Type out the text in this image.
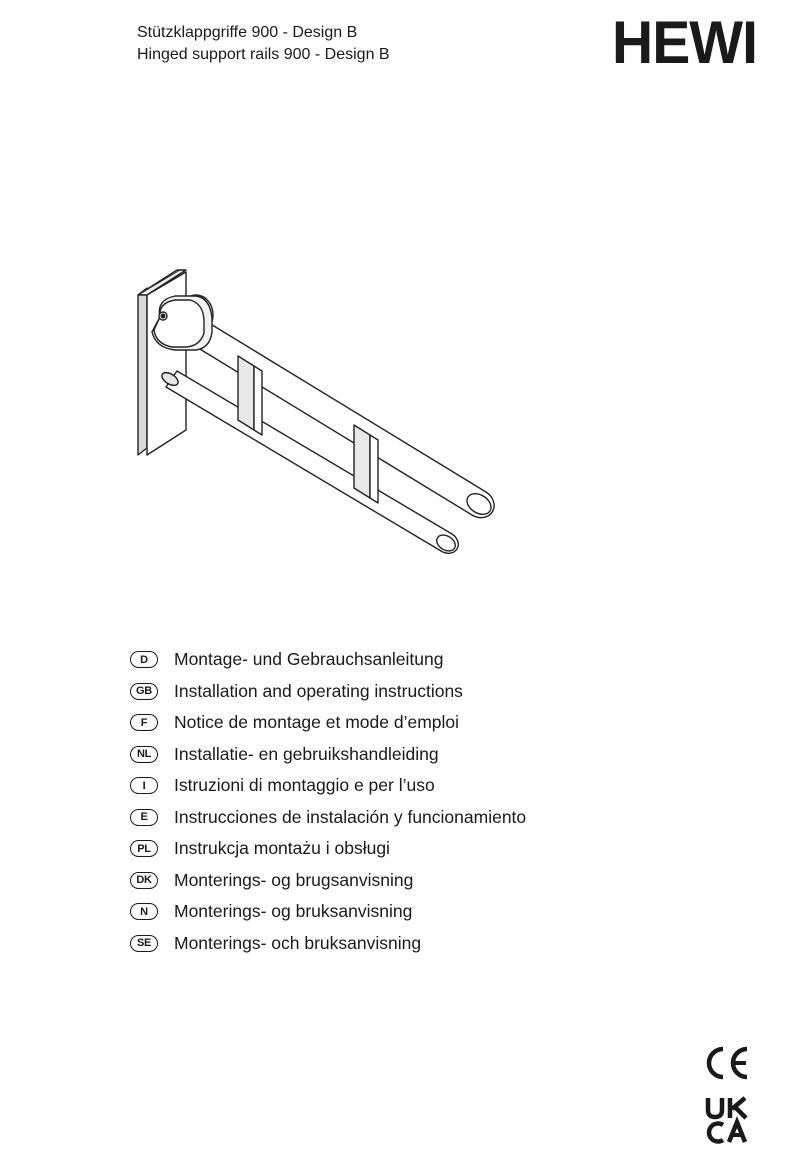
Stützklappgriffe 900 - Design B
Hinged support rails 900 - Design B	HEWI
D	Montage- und Gebrauchsanleitung
GB	Installation and operating instructions
F	Notice de montage et mode d’emploi
NL	Installatie- en gebruikshandleiding
I	Istruzioni di montaggio e per l’uso
E	Instrucciones de instalación y funcionamiento
PL	Instrukcja montażu i obsługi
DK	Monterings- og brugsanvisning
N	Monterings- og bruksanvisning
SE	Monterings- och bruksanvisning
